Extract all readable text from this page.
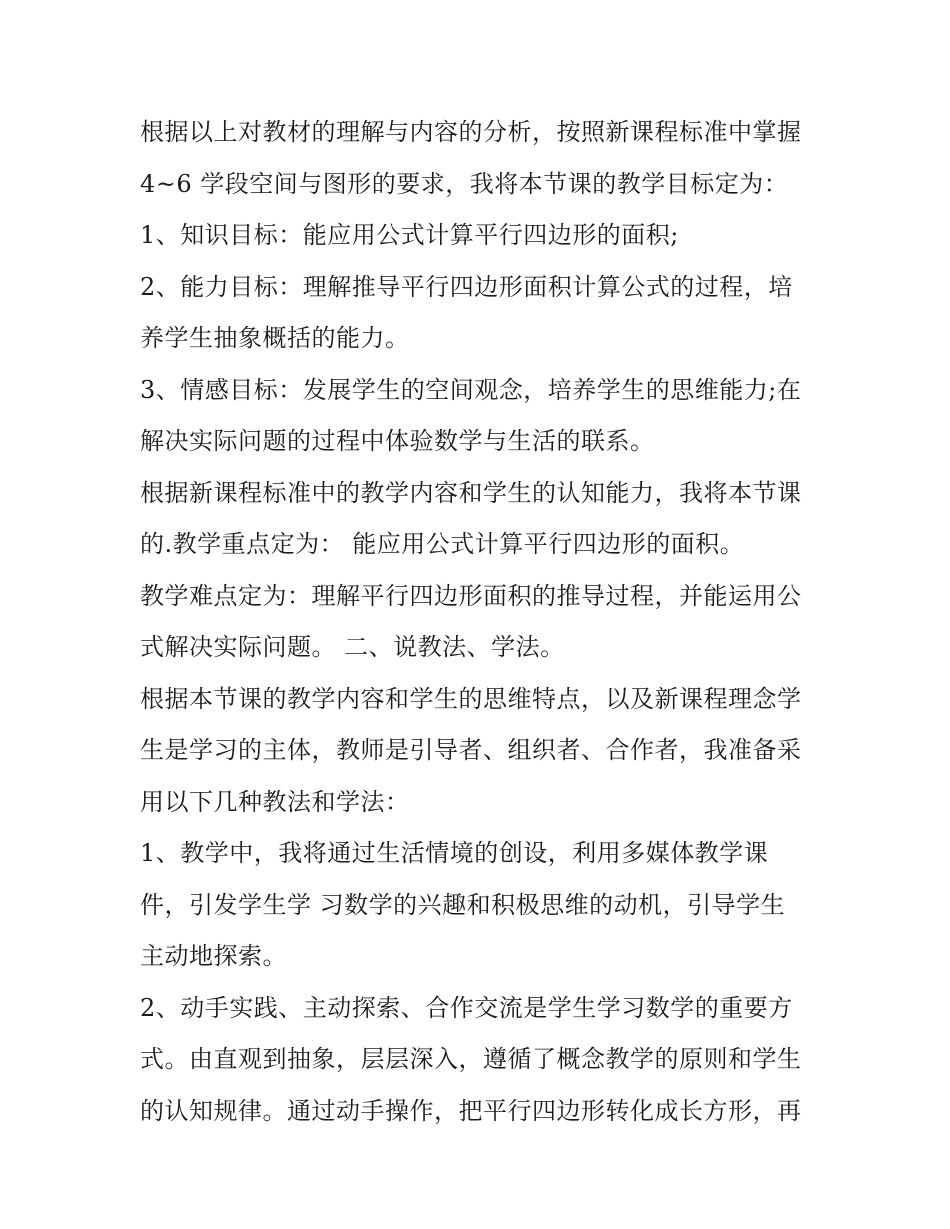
根据以上对教材的理解与内容的分析，按照新课程标准中掌握
4~6 学段空间与图形的要求，我将本节课的教学目标定为：
1、知识目标：能应用公式计算平行四边形的面积;
2、能力目标：理解推导平行四边形面积计算公式的过程，培
养学生抽象概括的能力。
3、情感目标：发展学生的空间观念，培养学生的思维能力;在
解决实际问题的过程中体验数学与生活的联系。
根据新课程标准中的教学内容和学生的认知能力，我将本节课
的.教学重点定为： 能应用公式计算平行四边形的面积。
教学难点定为：理解平行四边形面积的推导过程，并能运用公
式解决实际问题。 二、说教法、学法。
根据本节课的教学内容和学生的思维特点，以及新课程理念学
生是学习的主体，教师是引导者、组织者、合作者，我准备采
用以下几种教法和学法：
1、教学中，我将通过生活情境的创设，利用多媒体教学课
件，引发学生学 习数学的兴趣和积极思维的动机，引导学生
主动地探索。
2、动手实践、主动探索、合作交流是学生学习数学的重要方
式。由直观到抽象，层层深入，遵循了概念教学的原则和学生
的认知规律。通过动手操作，把平行四边形转化成长方形，再
